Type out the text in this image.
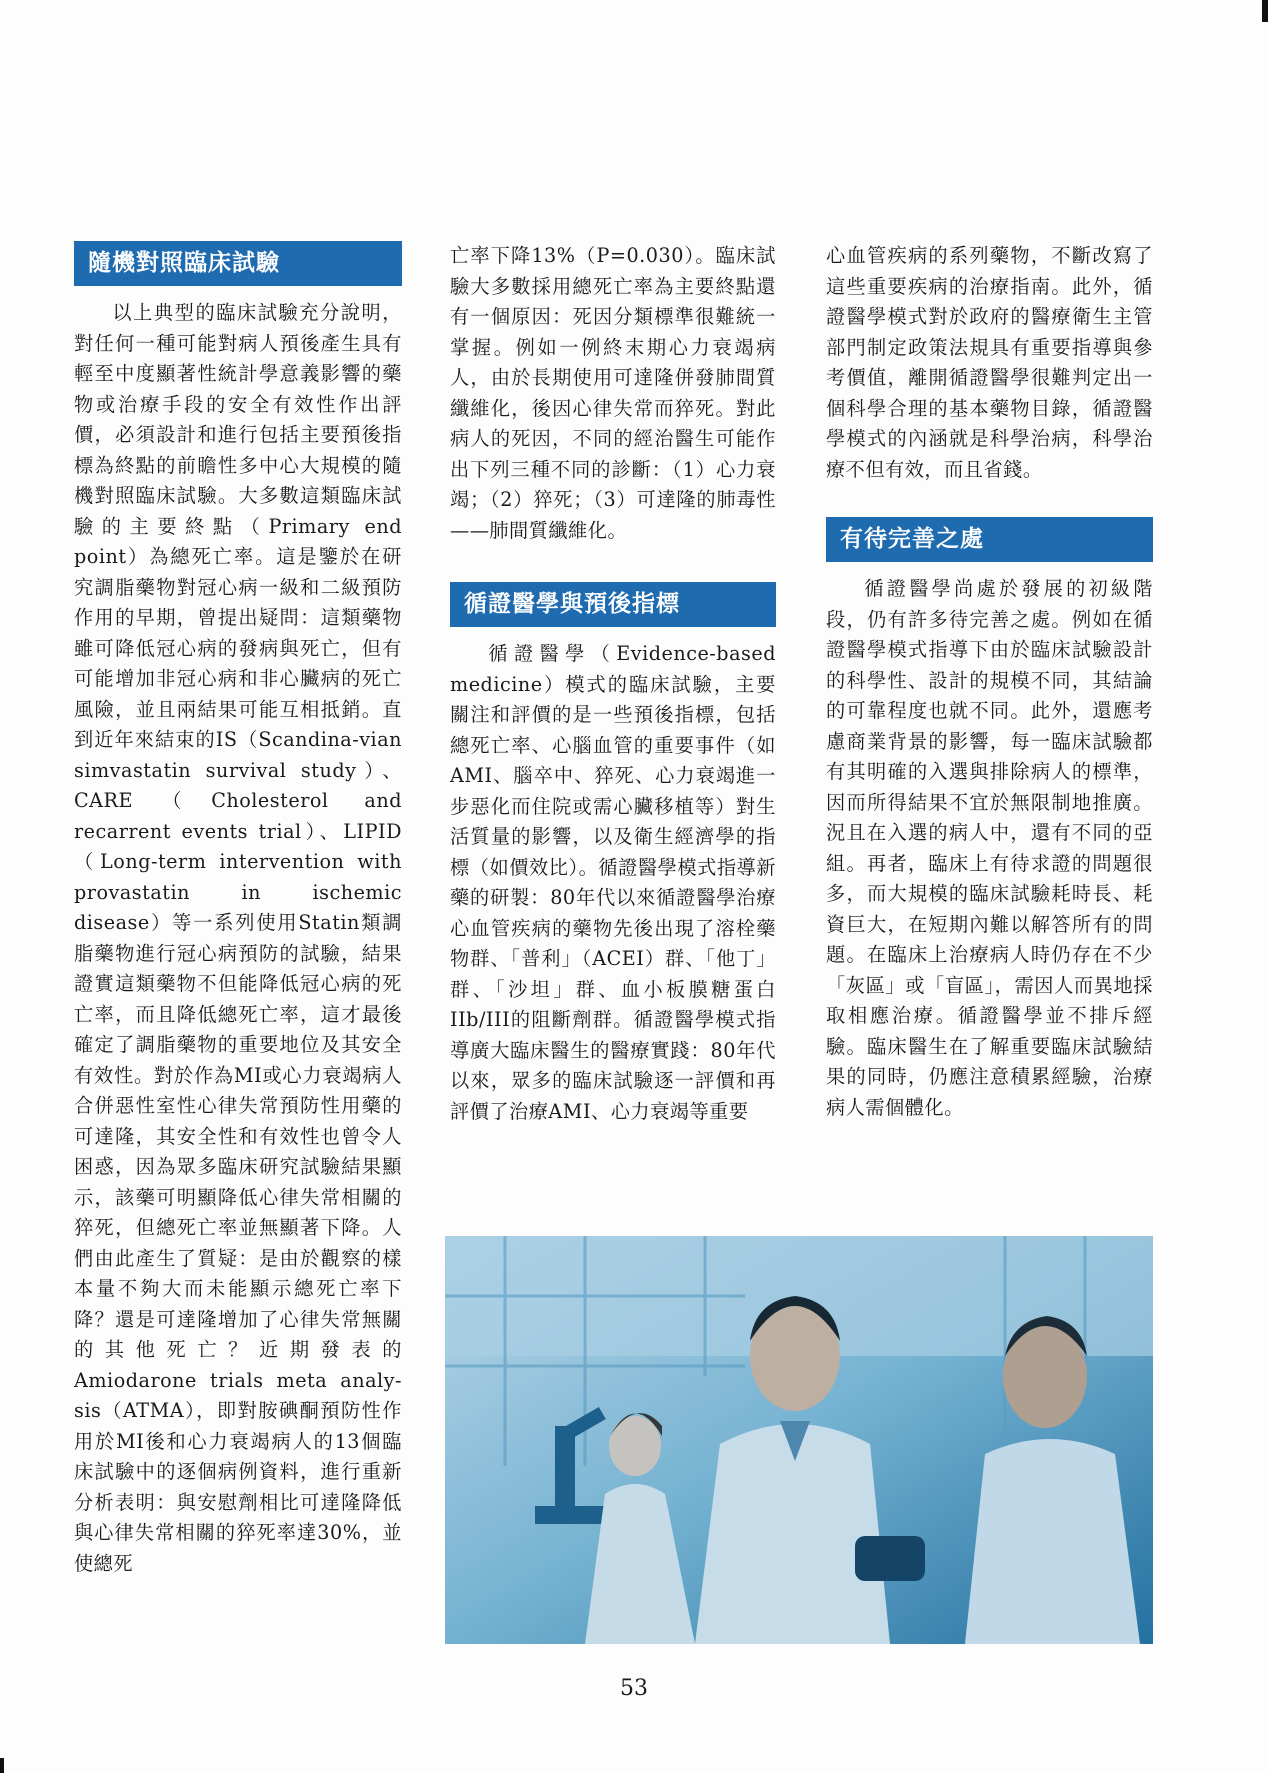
隨機對照臨床試驗

以上典型的臨床試驗充分說明，對任何一種可能對病人預後產生具有輕至中度顯著性統計學意義影響的藥物或治療手段的安全有效性作出評價，必須設計和進行包括主要預後指標為終點的前瞻性多中心大規模的隨機對照臨床試驗。大多數這類臨床試驗的主要終點（Primary end point）為總死亡率。這是鑒於在研究調脂藥物對冠心病一級和二級預防作用的早期，曾提出疑問：這類藥物雖可降低冠心病的發病與死亡，但有可能增加非冠心病和非心臟病的死亡風險，並且兩結果可能互相抵銷。直到近年來結束的IS（Scandina-vian simvastatin survival study）、CARE（Cholesterol and recarrent events trial）、LIPID（Long-term intervention with provastatin in ischemic disease）等一系列使用Statin類調脂藥物進行冠心病預防的試驗，結果證實這類藥物不但能降低冠心病的死亡率，而且降低總死亡率，這才最後確定了調脂藥物的重要地位及其安全有效性。對於作為MI或心力衰竭病人合併惡性室性心律失常預防性用藥的可達隆，其安全性和有效性也曾令人困惑，因為眾多臨床研究試驗結果顯示，該藥可明顯降低心律失常相關的猝死，但總死亡率並無顯著下降。人們由此產生了質疑：是由於觀察的樣本量不夠大而未能顯示總死亡率下降？還是可達隆增加了心律失常無關的其他死亡？近期發表的Amiodarone trials meta analy-sis（ATMA），即對胺碘酮預防性作用於MI後和心力衰竭病人的13個臨床試驗中的逐個病例資料，進行重新分析表明：與安慰劑相比可達隆降低與心律失常相關的猝死率達30%，並使總死

亡率下降13%（P=0.030）。臨床試驗大多數採用總死亡率為主要終點還有一個原因：死因分類標準很難統一掌握。例如一例終末期心力衰竭病人，由於長期使用可達隆併發肺間質纖維化，後因心律失常而猝死。對此病人的死因，不同的經治醫生可能作出下列三種不同的診斷：（1）心力衰竭；（2）猝死；（3）可達隆的肺毒性——肺間質纖維化。

循證醫學與預後指標

循證醫學（Evidence-based medicine）模式的臨床試驗，主要關注和評價的是一些預後指標，包括總死亡率、心腦血管的重要事件（如AMI、腦卒中、猝死、心力衰竭進一步惡化而住院或需心臟移植等）對生活質量的影響，以及衛生經濟學的指標（如價效比）。循證醫學模式指導新藥的研製：80年代以來循證醫學治療心血管疾病的藥物先後出現了溶栓藥物群、「普利」（ACEI）群、「他丁」群、「沙坦」群、血小板膜糖蛋白IIb/III的阻斷劑群。循證醫學模式指導廣大臨床醫生的醫療實踐：80年代以來，眾多的臨床試驗逐一評價和再評價了治療AMI、心力衰竭等重要

心血管疾病的系列藥物，不斷改寫了這些重要疾病的治療指南。此外，循證醫學模式對於政府的醫療衛生主管部門制定政策法規具有重要指導與參考價值，離開循證醫學很難判定出一個科學合理的基本藥物目錄，循證醫學模式的內涵就是科學治病，科學治療不但有效，而且省錢。

有待完善之處

循證醫學尚處於發展的初級階段，仍有許多待完善之處。例如在循證醫學模式指導下由於臨床試驗設計的科學性、設計的規模不同，其結論的可靠程度也就不同。此外，還應考慮商業背景的影響，每一臨床試驗都有其明確的入選與排除病人的標準，因而所得結果不宜於無限制地推廣。況且在入選的病人中，還有不同的亞組。再者，臨床上有待求證的問題很多，而大規模的臨床試驗耗時長、耗資巨大，在短期內難以解答所有的問題。在臨床上治療病人時仍存在不少「灰區」或「盲區」，需因人而異地採取相應治療。循證醫學並不排斥經驗。臨床醫生在了解重要臨床試驗結果的同時，仍應注意積累經驗，治療病人需個體化。

53
